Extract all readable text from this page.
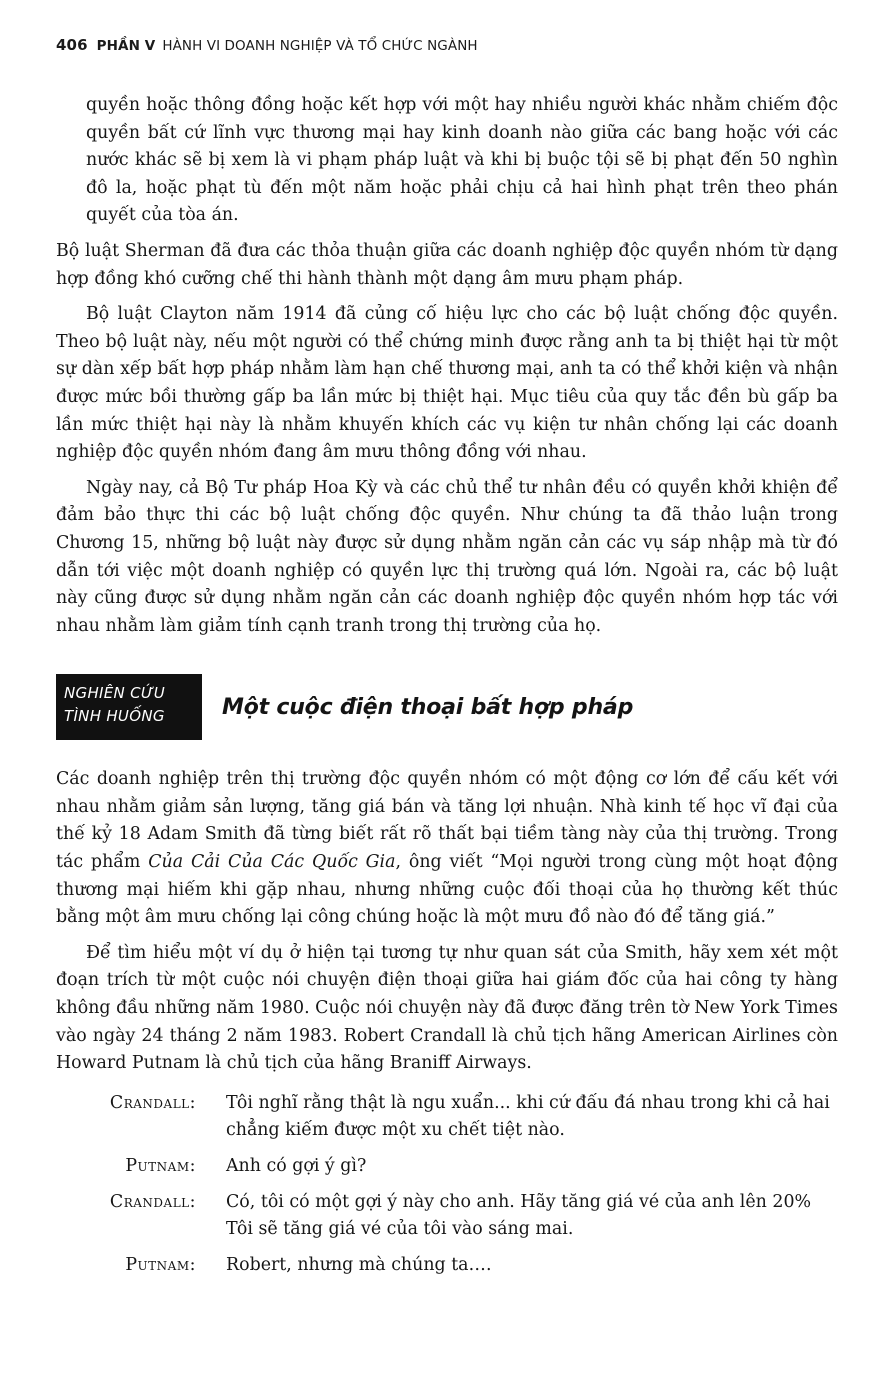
406 PHẦN V HÀNH VI DOANH NGHIỆP VÀ TỔ CHỨC NGÀNH

quyền hoặc thông đồng hoặc kết hợp với một hay nhiều người khác nhằm chiếm độc quyền bất cứ lĩnh vực thương mại hay kinh doanh nào giữa các bang hoặc với các nước khác sẽ bị xem là vi phạm pháp luật và khi bị buộc tội sẽ bị phạt đến 50 nghìn đô la, hoặc phạt tù đến một năm hoặc phải chịu cả hai hình phạt trên theo phán quyết của tòa án.

Bộ luật Sherman đã đưa các thỏa thuận giữa các doanh nghiệp độc quyền nhóm từ dạng hợp đồng khó cưỡng chế thi hành thành một dạng âm mưu phạm pháp.

Bộ luật Clayton năm 1914 đã củng cố hiệu lực cho các bộ luật chống độc quyền. Theo bộ luật này, nếu một người có thể chứng minh được rằng anh ta bị thiệt hại từ một sự dàn xếp bất hợp pháp nhằm làm hạn chế thương mại, anh ta có thể khởi kiện và nhận được mức bồi thường gấp ba lần mức bị thiệt hại. Mục tiêu của quy tắc đền bù gấp ba lần mức thiệt hại này là nhằm khuyến khích các vụ kiện tư nhân chống lại các doanh nghiệp độc quyền nhóm đang âm mưu thông đồng với nhau.

Ngày nay, cả Bộ Tư pháp Hoa Kỳ và các chủ thể tư nhân đều có quyền khởi khiện để đảm bảo thực thi các bộ luật chống độc quyền. Như chúng ta đã thảo luận trong Chương 15, những bộ luật này được sử dụng nhằm ngăn cản các vụ sáp nhập mà từ đó dẫn tới việc một doanh nghiệp có quyền lực thị trường quá lớn. Ngoài ra, các bộ luật này cũng được sử dụng nhằm ngăn cản các doanh nghiệp độc quyền nhóm hợp tác với nhau nhằm làm giảm tính cạnh tranh trong thị trường của họ.

NGHIÊN CỨU
TÌNH HUỐNG	Một cuộc điện thoại bất hợp pháp

Các doanh nghiệp trên thị trường độc quyền nhóm có một động cơ lớn để cấu kết với nhau nhằm giảm sản lượng, tăng giá bán và tăng lợi nhuận. Nhà kinh tế học vĩ đại của thế kỷ 18 Adam Smith đã từng biết rất rõ thất bại tiềm tàng này của thị trường. Trong tác phẩm Của Cải Của Các Quốc Gia, ông viết “Mọi người trong cùng một hoạt động thương mại hiếm khi gặp nhau, nhưng những cuộc đối thoại của họ thường kết thúc bằng một âm mưu chống lại công chúng hoặc là một mưu đồ nào đó để tăng giá.”

Để tìm hiểu một ví dụ ở hiện tại tương tự như quan sát của Smith, hãy xem xét một đoạn trích từ một cuộc nói chuyện điện thoại giữa hai giám đốc của hai công ty hàng không đầu những năm 1980. Cuộc nói chuyện này đã được đăng trên tờ New York Times vào ngày 24 tháng 2 năm 1983. Robert Crandall là chủ tịch hãng American Airlines còn Howard Putnam là chủ tịch của hãng Braniff Airways.

Crandall:	Tôi nghĩ rằng thật là ngu xuẩn... khi cứ đấu đá nhau trong khi cả hai chẳng kiếm được một xu chết tiệt nào.
Putnam:	Anh có gợi ý gì?
Crandall:	Có, tôi có một gợi ý này cho anh. Hãy tăng giá vé của anh lên 20% Tôi sẽ tăng giá vé của tôi vào sáng mai.
Putnam:	Robert, nhưng mà chúng ta….
